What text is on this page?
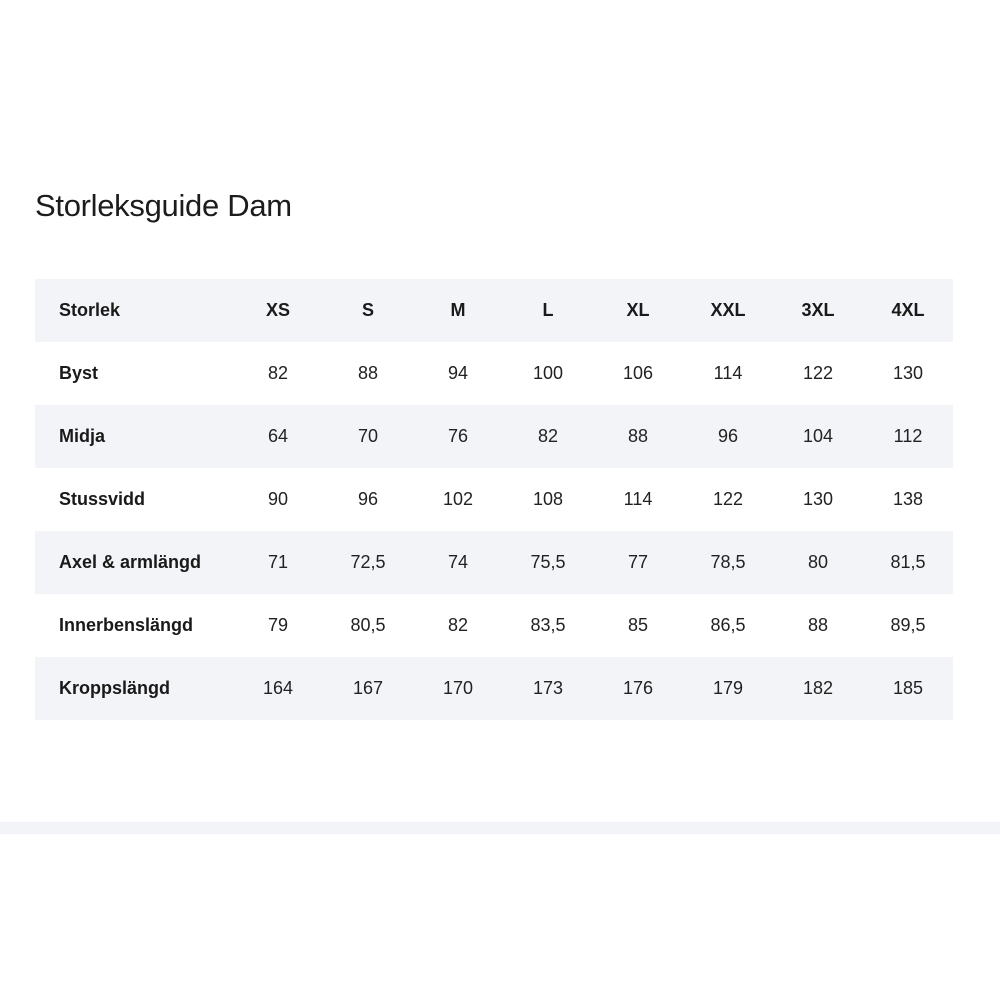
Storleksguide Dam
Storlek	XS	S	M	L	XL	XXL	3XL	4XL
Byst	82	88	94	100	106	114	122	130
Midja	64	70	76	82	88	96	104	112
Stussvidd	90	96	102	108	114	122	130	138
Axel & armlängd	71	72,5	74	75,5	77	78,5	80	81,5
Innerbenslängd	79	80,5	82	83,5	85	86,5	88	89,5
Kroppslängd	164	167	170	173	176	179	182	185
